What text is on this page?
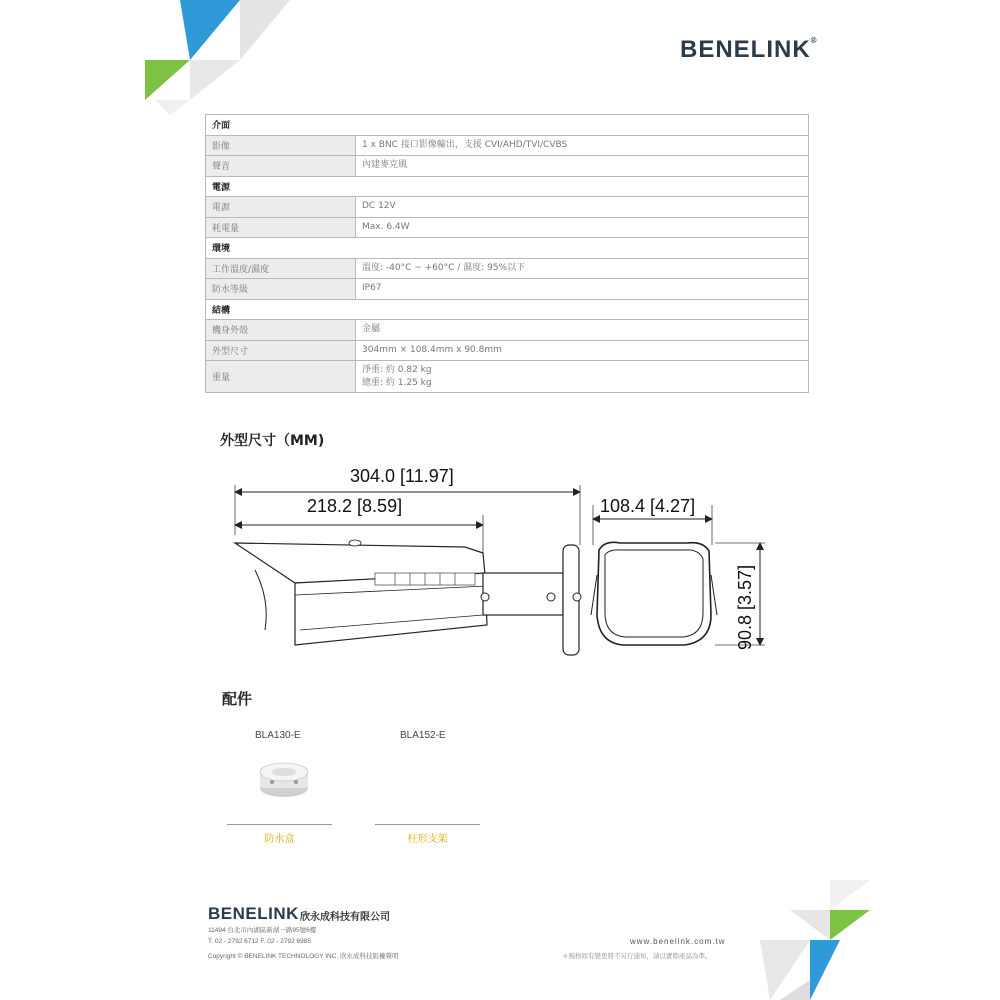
BENELINK®
介面	
影像	1 x BNC 接口影像輸出，支援 CVI/AHD/TVI/CVBS

聲音	內建麥克風

電源	
電源	DC 12V

耗電量	Max. 6.4W

環境	
工作溫度/濕度	溫度: -40°C ~ +60°C / 濕度: 95%以下

防水等級	IP67

結構	
機身外殼	金屬

外型尺寸	304mm × 108.4mm x 90.8mm

重量	淨重: 約 0.82 kg
總重: 約 1.25 kg
外型尺寸（MM)
304.0 [11.97]
218.2 [8.59]	108.4 [4.27]
90.8 [3.57]
配件
BLA130-E	BLA152-E
防水盒	柱形支架
BENELINK 欣永成科技有限公司
11494 台北市內湖區新湖一路95號6樓
T. 02 - 2792 6712 F. 02 - 2792 6985
Copyright © BENELINK TECHNOLOGY INC. 欣永成科技版權聲明
www.benelink.com.tw
＊規格如有變更將不另行通知，請以實際產品為準。
